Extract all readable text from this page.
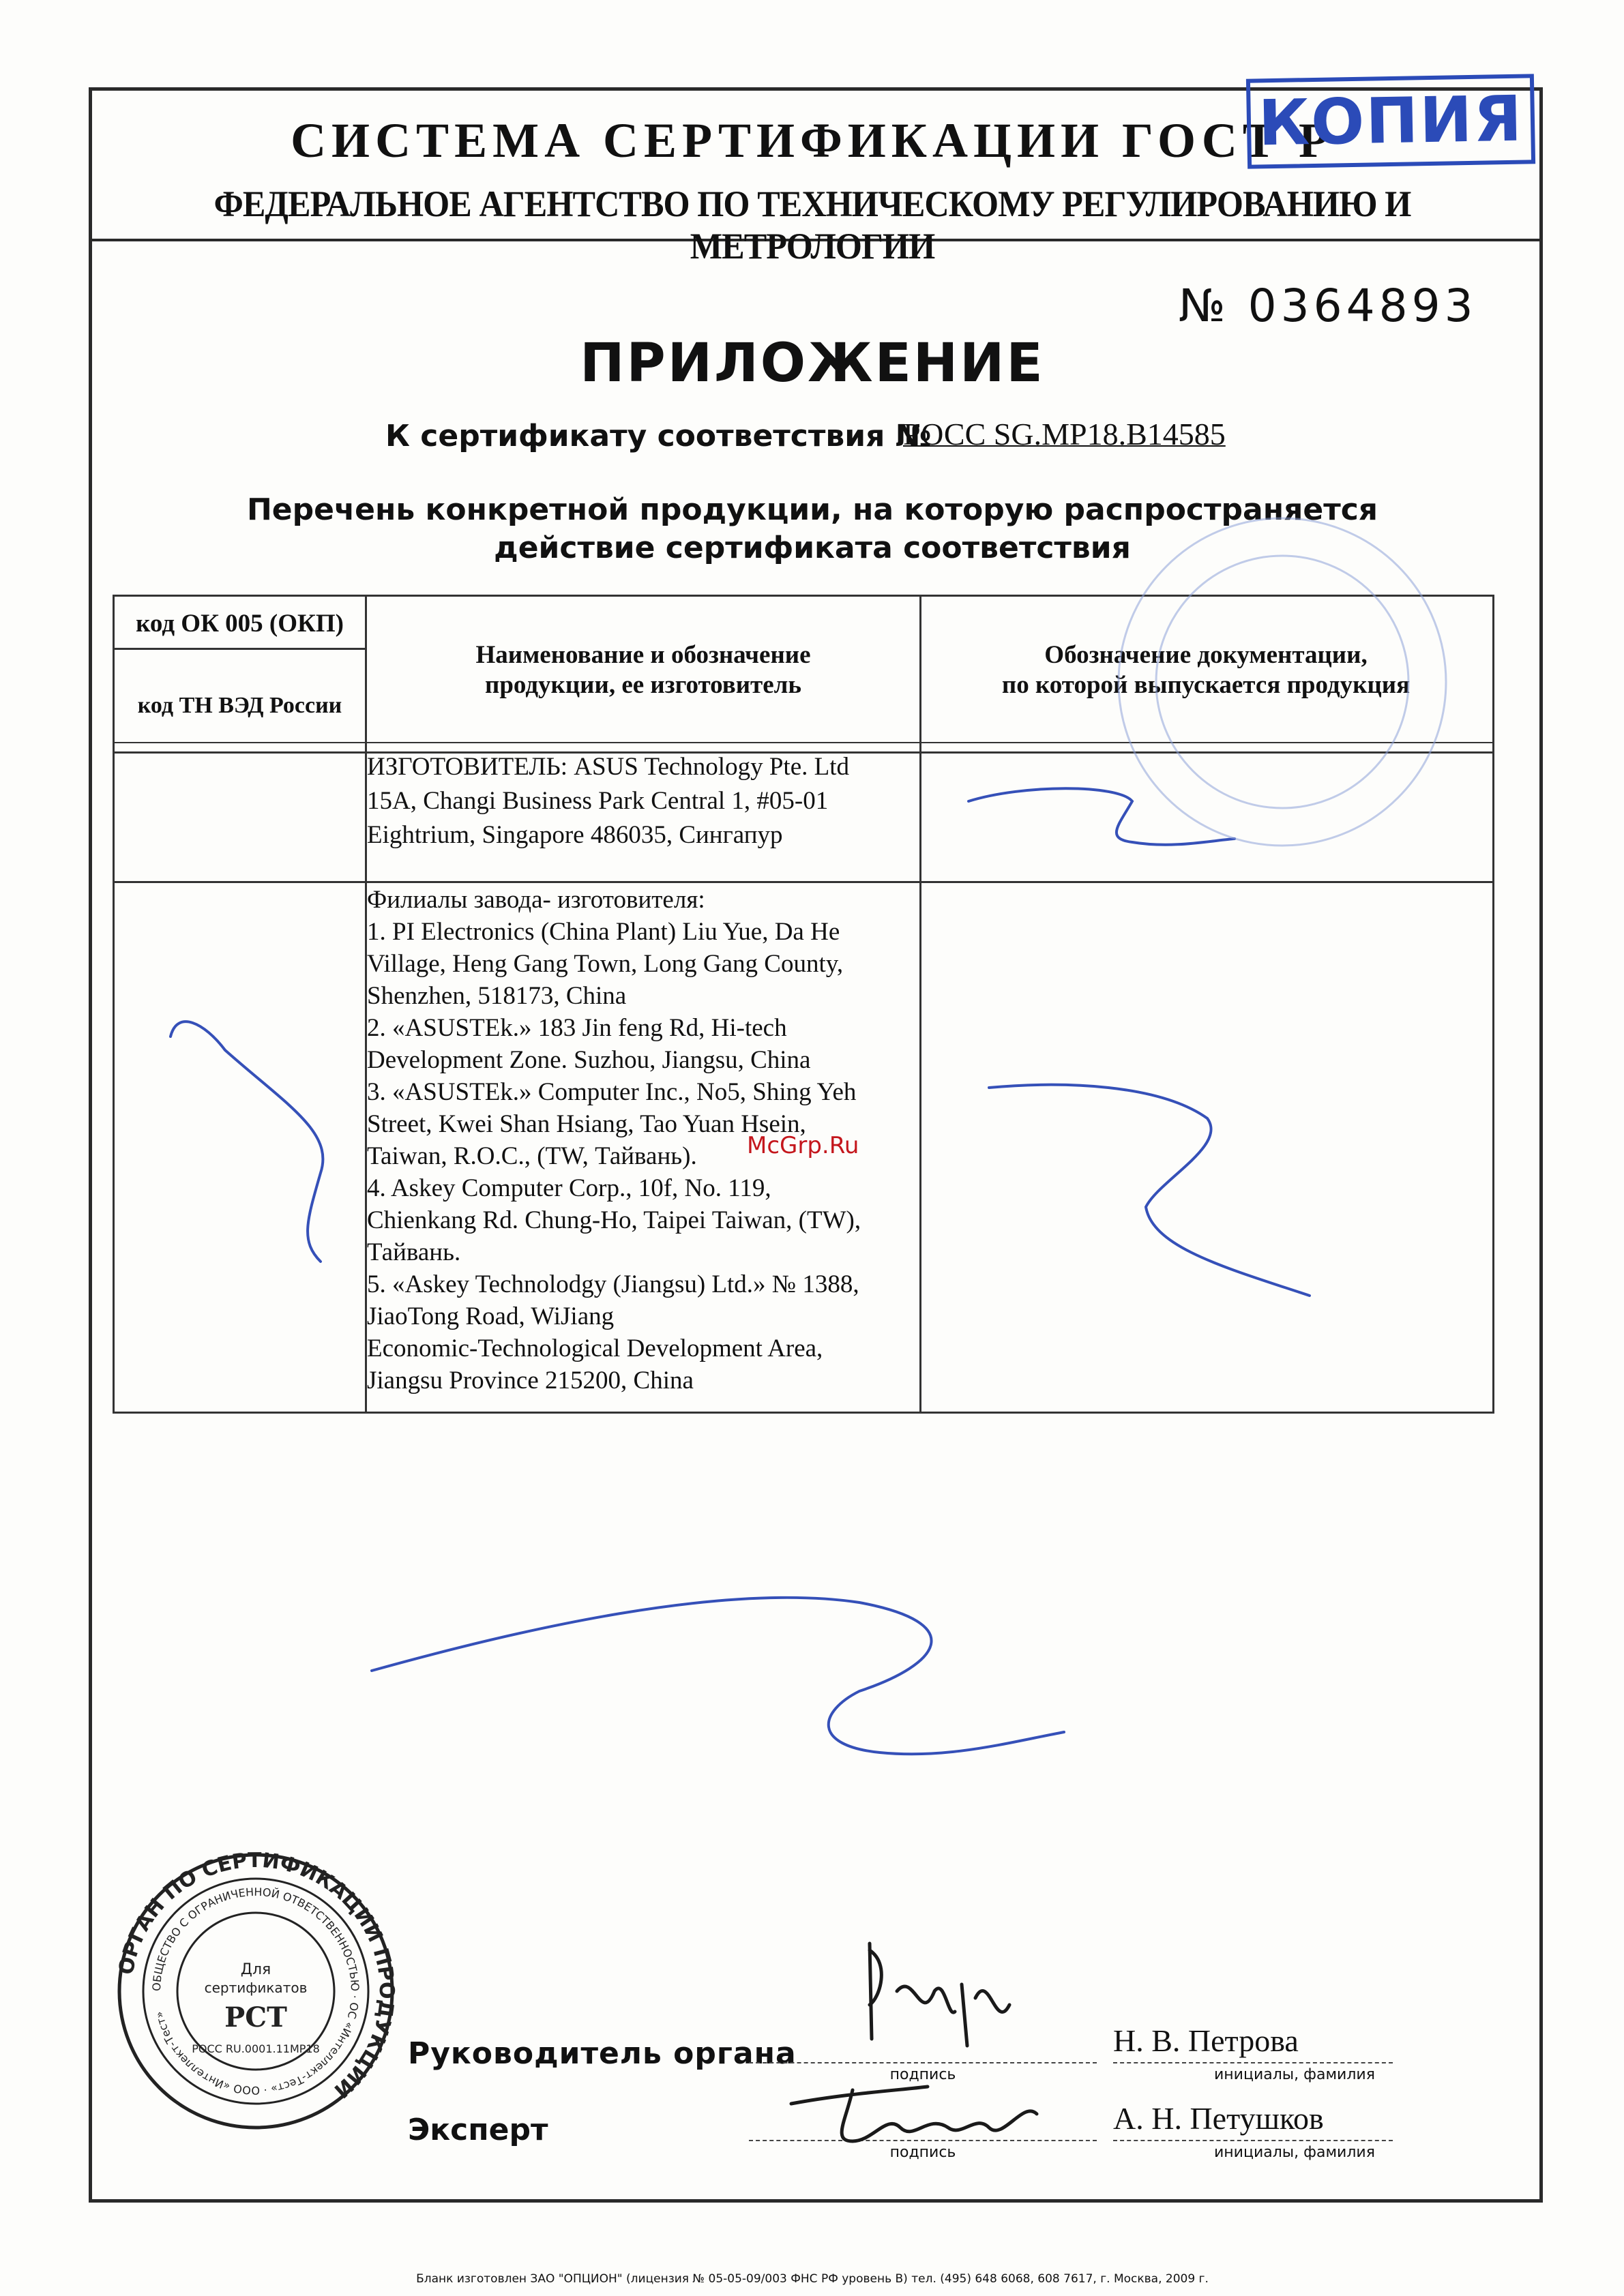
СИСТЕМА СЕРТИФИКАЦИИ ГОСТ Р
ФЕДЕРАЛЬНОЕ АГЕНТСТВО ПО ТЕХНИЧЕСКОМУ РЕГУЛИРОВАНИЮ И МЕТРОЛОГИИ
КОПИЯ
№ 0364893
ПРИЛОЖЕНИЕ
К сертификату соответствия №
РОСС SG.МР18.В14585
Перечень конкретной продукции, на которую распространяется
действие сертификата соответствия
код ОК 005 (ОКП)
код ТН ВЭД России
Наименование и обозначение
продукции, ее изготовитель
Обозначение документации,
по которой выпускается продукция
ИЗГОТОВИТЕЛЬ: ASUS Technology Pte. Ltd
15A, Changi Business Park Central 1, #05-01
Eightrium, Singapore 486035, Сингапур
Филиалы завода- изготовителя:
1. PI Electronics (China Plant) Liu Yue, Da He
Village, Heng Gang Town, Long Gang County,
Shenzhen, 518173, China
2. «ASUSTEk.» 183 Jin feng Rd, Hi-tech
Development Zone. Suzhou, Jiangsu, China
3. «ASUSTEk.» Computer Inc., No5, Shing Yeh
Street, Kwei Shan Hsiang, Tao Yuan Hsein,
Taiwan, R.O.C., (TW, Тайвань).
4. Askey Computer Corp., 10f, No. 119,
Chienkang Rd. Chung-Ho, Taipei Taiwan, (TW),
Тайвань.
5. «Askey Technolodgy (Jiangsu) Ltd.» № 1388,
JiaoTong Road, WiJiang
Economic-Technological Development Area,
Jiangsu Province 215200, China
McGrp.Ru
ОРГАН ПО СЕРТИФИКАЦИИ ПРОДУКЦИИ
ОБЩЕСТВО С ОГРАНИЧЕННОЙ ОТВЕТСТВЕННОСТЬЮ · ОС «Интеллект-Тест» · ООО «Интеллект-Тест»
Для
сертификатов
РСТ
РОСС RU.0001.11МР18	Руководитель органа
подпись
Н. В. Петрова
инициалы, фамилия
Эксперт
подпись
А. Н. Петушков
инициалы, фамилия
Бланк изготовлен ЗАО "ОПЦИОН" (лицензия № 05-05-09/003 ФНС РФ уровень В) тел. (495) 648 6068, 608 7617, г. Москва, 2009 г.
